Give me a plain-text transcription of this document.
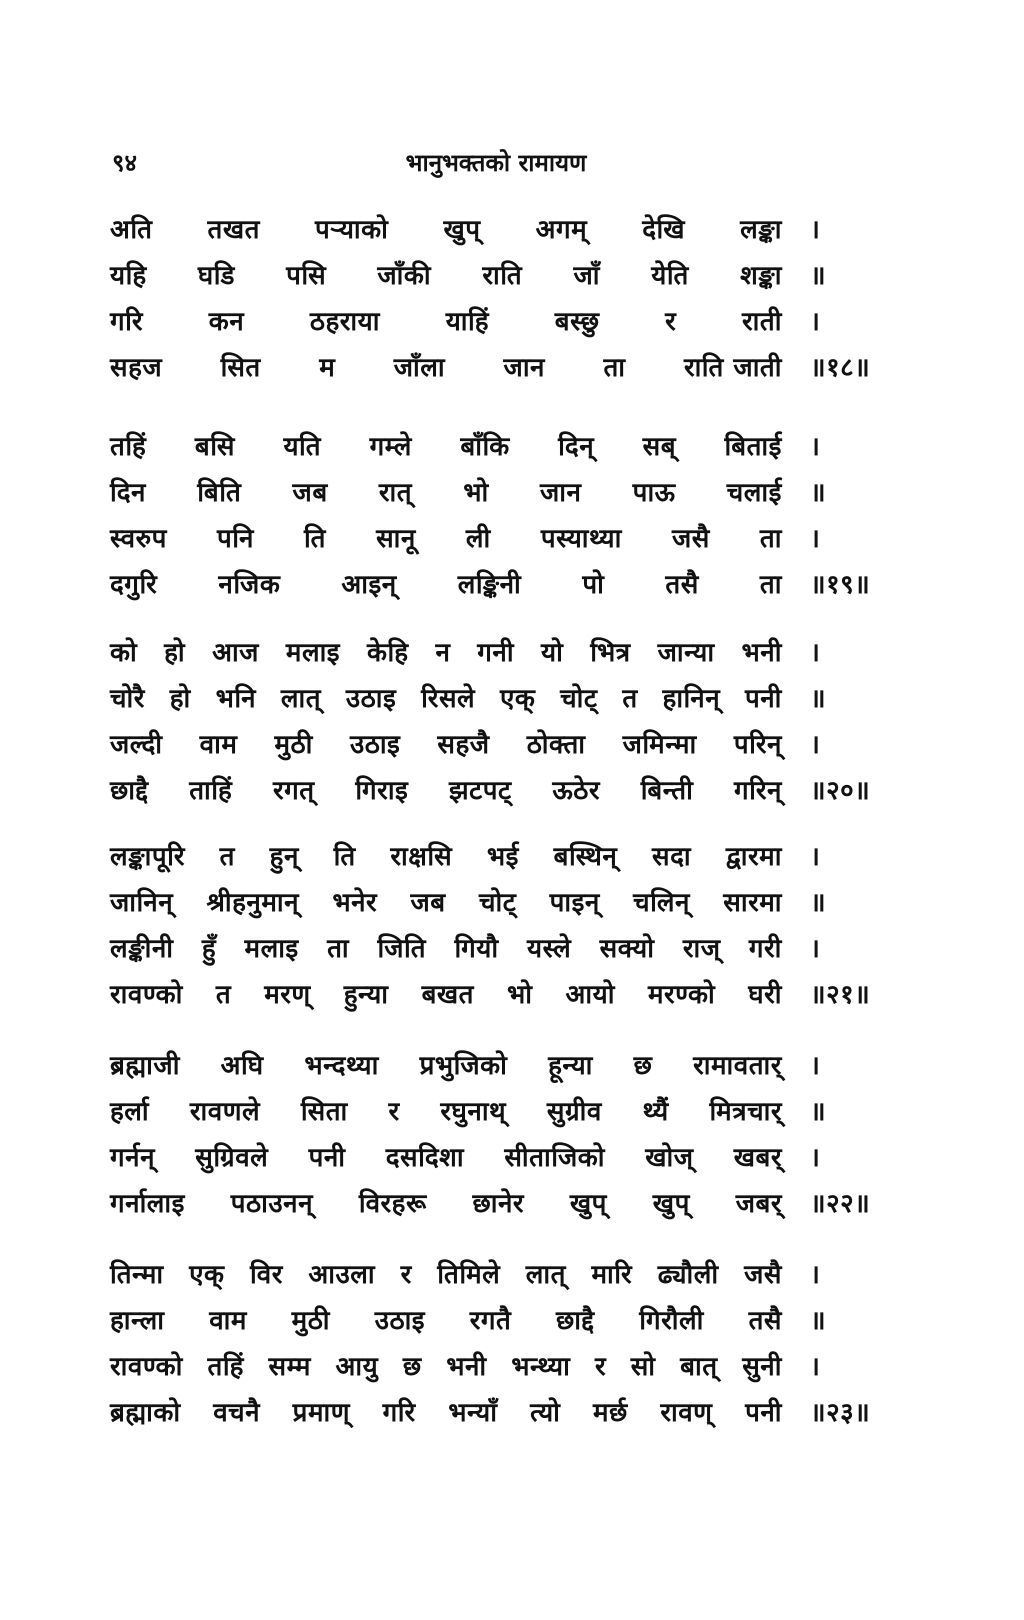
९४	भानुभक्तको रामायण
अति तखत पऱ्याको खुप् अगम् देखि लङ्का ।
यहि घडि पसि जाँकी राति जाँ येति शङ्का ॥
गरि	कन	ठहराया	याहिं	बस्छु	र	राती ।
सहज सित म जाँला जान ता राति जाती ॥१८॥
तहिं बसि यति गम्ले बाँकि दिन् सब् बिताई ।
दिन बिति जब रात् भो जान पाऊ चलाई ॥
स्वरुप पनि ति सानू ली पस्याथ्या जसै ता ।
दगुरि नजिक आइन् लङ्किनी पो तसै ता ॥१९॥
को हो आज मलाइ केहि न गनी यो भित्र जान्या भनी ।
चोरै हो भनि लात् उठाइ रिसले एक् चोट् त हानिन् पनी ॥
जल्दी वाम मुठी उठाइ सहजै ठोक्ता जमिन्मा परिन् ।
छाद्दै ताहिं रगत् गिराइ झटपट् ऊठेर बिन्ती गरिन् ॥२०॥
लङ्कापूरि त हुन् ति राक्षसि भई बस्थिन् सदा द्वारमा ।
जानिन् श्रीहनुमान् भनेर जब चोट् पाइन् चलिन् सारमा ॥
लङ्कीनी हुँ मलाइ ता जिति गियौ यस्ले सक्यो राज् गरी ।
रावण्को त मरण् हुन्या बखत भो आयो मरण्को घरी ॥२१॥
ब्रह्माजी अघि भन्दथ्या प्रभुजिको हून्या छ रामावतार् ।
हर्ला रावणले सिता र रघुनाथ् सुग्रीव थ्यैं मित्रचार् ॥
गर्नन् सुग्रिवले पनी दसदिशा सीताजिको खोज् खबर् ।
गर्नालाइ पठाउनन् विरहरू छानेर खुप् खुप् जबर् ॥२२॥
तिन्मा एक् विर आउला र तिमिले लात् मारि ढ्यौली जसै ।
हान्ला वाम मुठी उठाइ रगतै छाद्दै गिरौली तसै ॥
रावण्को तहिं सम्म आयु छ भनी भन्थ्या र सो बात् सुनी ।
ब्रह्माको वचनै प्रमाण् गरि भन्याँ त्यो मर्छ रावण् पनी ॥२३॥
